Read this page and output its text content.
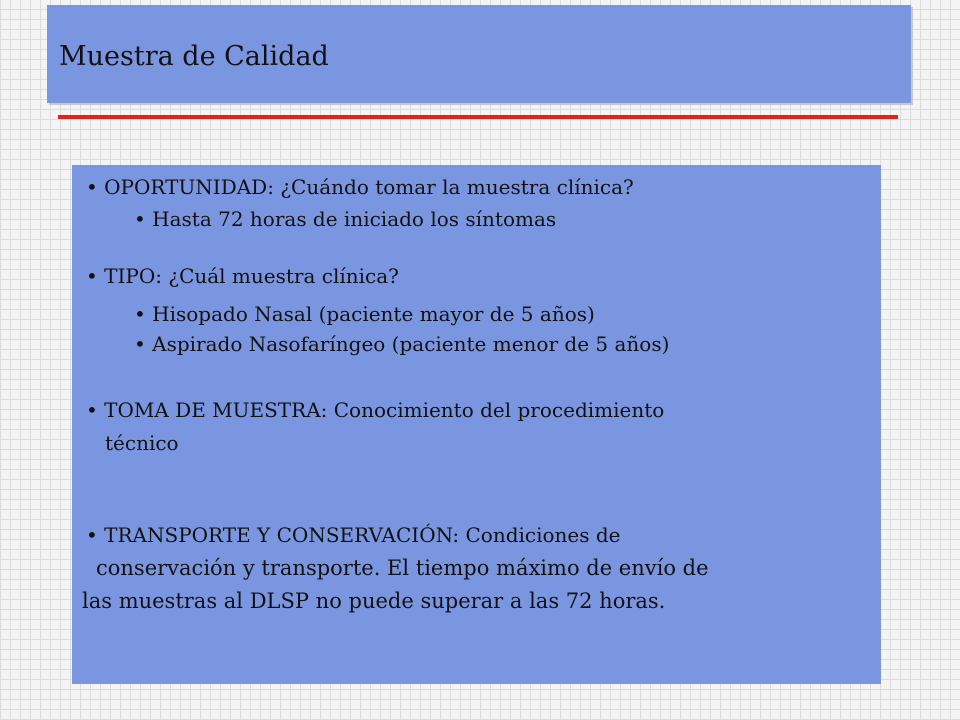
Muestra de Calidad
• OPORTUNIDAD: ¿Cuándo tomar la muestra clínica?
• Hasta 72 horas de iniciado los síntomas
• TIPO: ¿Cuál muestra clínica?
• Hisopado Nasal (paciente mayor de 5 años)
• Aspirado Nasofaríngeo (paciente menor de 5 años)
• TOMA DE MUESTRA: Conocimiento del procedimiento
técnico
• TRANSPORTE Y CONSERVACIÓN: Condiciones de
conservación y transporte. El tiempo máximo de envío de
las muestras al DLSP no puede superar a las 72 horas.
